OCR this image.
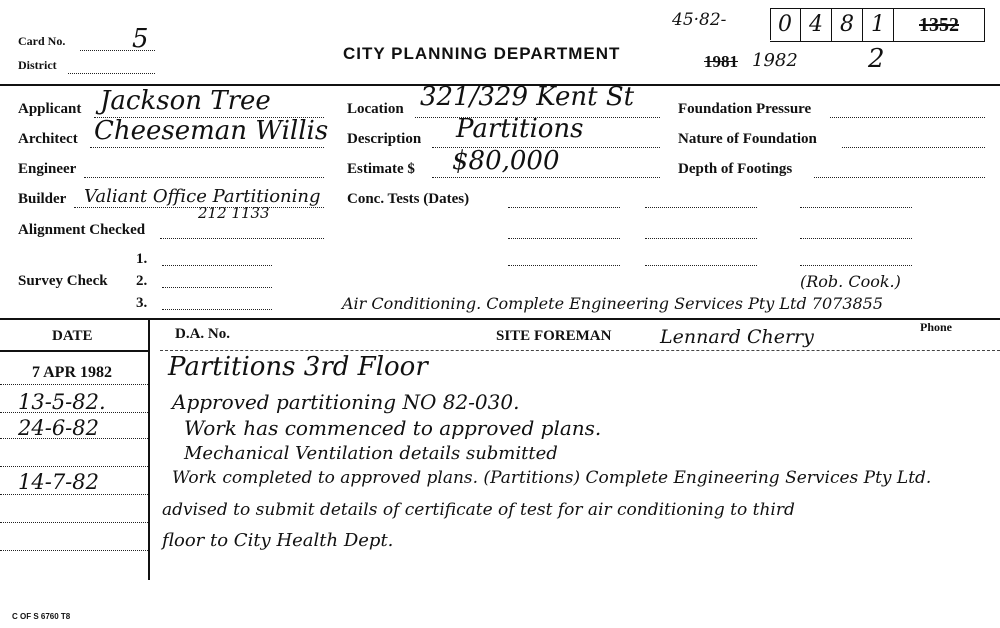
Card No.	5
District
CITY PLANNING DEPARTMENT
45·82-	0 4 8 1	1352
1981 1982	2
Applicant Jackson Tree
Architect Cheeseman Willis
Engineer
Builder Valiant Office Partitioning
212 1133
Alignment Checked
1.
Survey Check 2.
3.
Location 321/329 Kent St
Description Partitions
Estimate $ $80,000
Conc. Tests (Dates)
Foundation Pressure
Nature of Foundation
Depth of Footings
(Rob. Cook.)
Air Conditioning. Complete Engineering Services Pty Ltd 7073855
DATE	D.A. No.	SITE FOREMAN	Lennard Cherry	Phone
7 APR 1982 Partitions 3rd Floor
13-5-82.	Approved partitioning NO 82-030.
24-6-82	Work has commenced to approved plans.
Mechanical Ventilation details submitted
14-7-82	Work completed to approved plans. (Partitions) Complete Engineering Services Pty Ltd.
advised to submit details of certificate of test for air conditioning to third
floor to City Health Dept.
C OF S 6760 T8
